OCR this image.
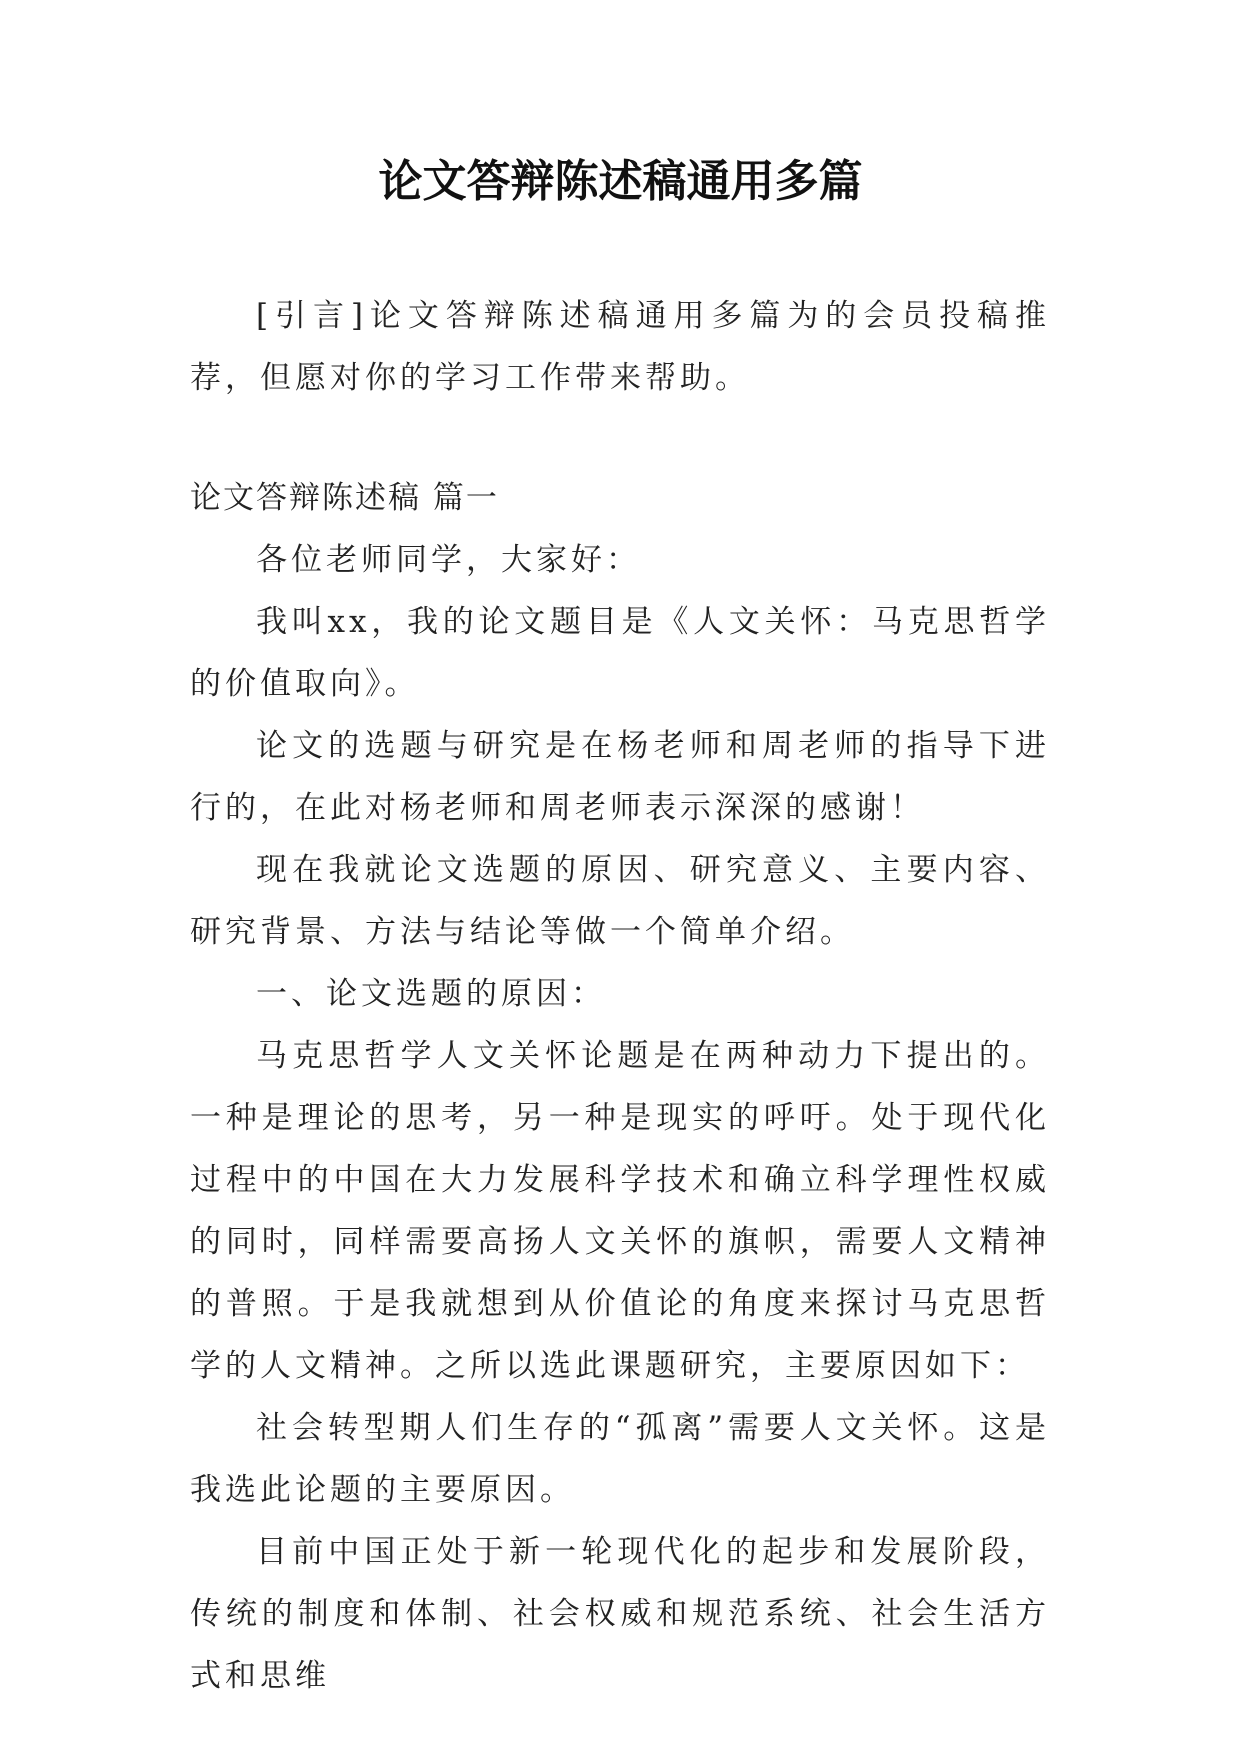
论文答辩陈述稿通用多篇

[引言]论文答辩陈述稿通用多篇为的会员投稿推荐，但愿对你的学习工作带来帮助。

论文答辩陈述稿 篇一

各位老师同学，大家好：

我叫xx，我的论文题目是《人文关怀：马克思哲学的价值取向》。

论文的选题与研究是在杨老师和周老师的指导下进行的，在此对杨老师和周老师表示深深的感谢！

现在我就论文选题的原因、研究意义、主要内容、研究背景、方法与结论等做一个简单介绍。

一、论文选题的原因：

马克思哲学人文关怀论题是在两种动力下提出的。一种是理论的思考，另一种是现实的呼吁。处于现代化过程中的中国在大力发展科学技术和确立科学理性权威的同时，同样需要高扬人文关怀的旗帜，需要人文精神的普照。于是我就想到从价值论的角度来探讨马克思哲学的人文精神。之所以选此课题研究，主要原因如下：

社会转型期人们生存的“孤离”需要人文关怀。这是我选此论题的主要原因。

目前中国正处于新一轮现代化的起步和发展阶段，传统的制度和体制、社会权威和规范系统、社会生活方式和思维
